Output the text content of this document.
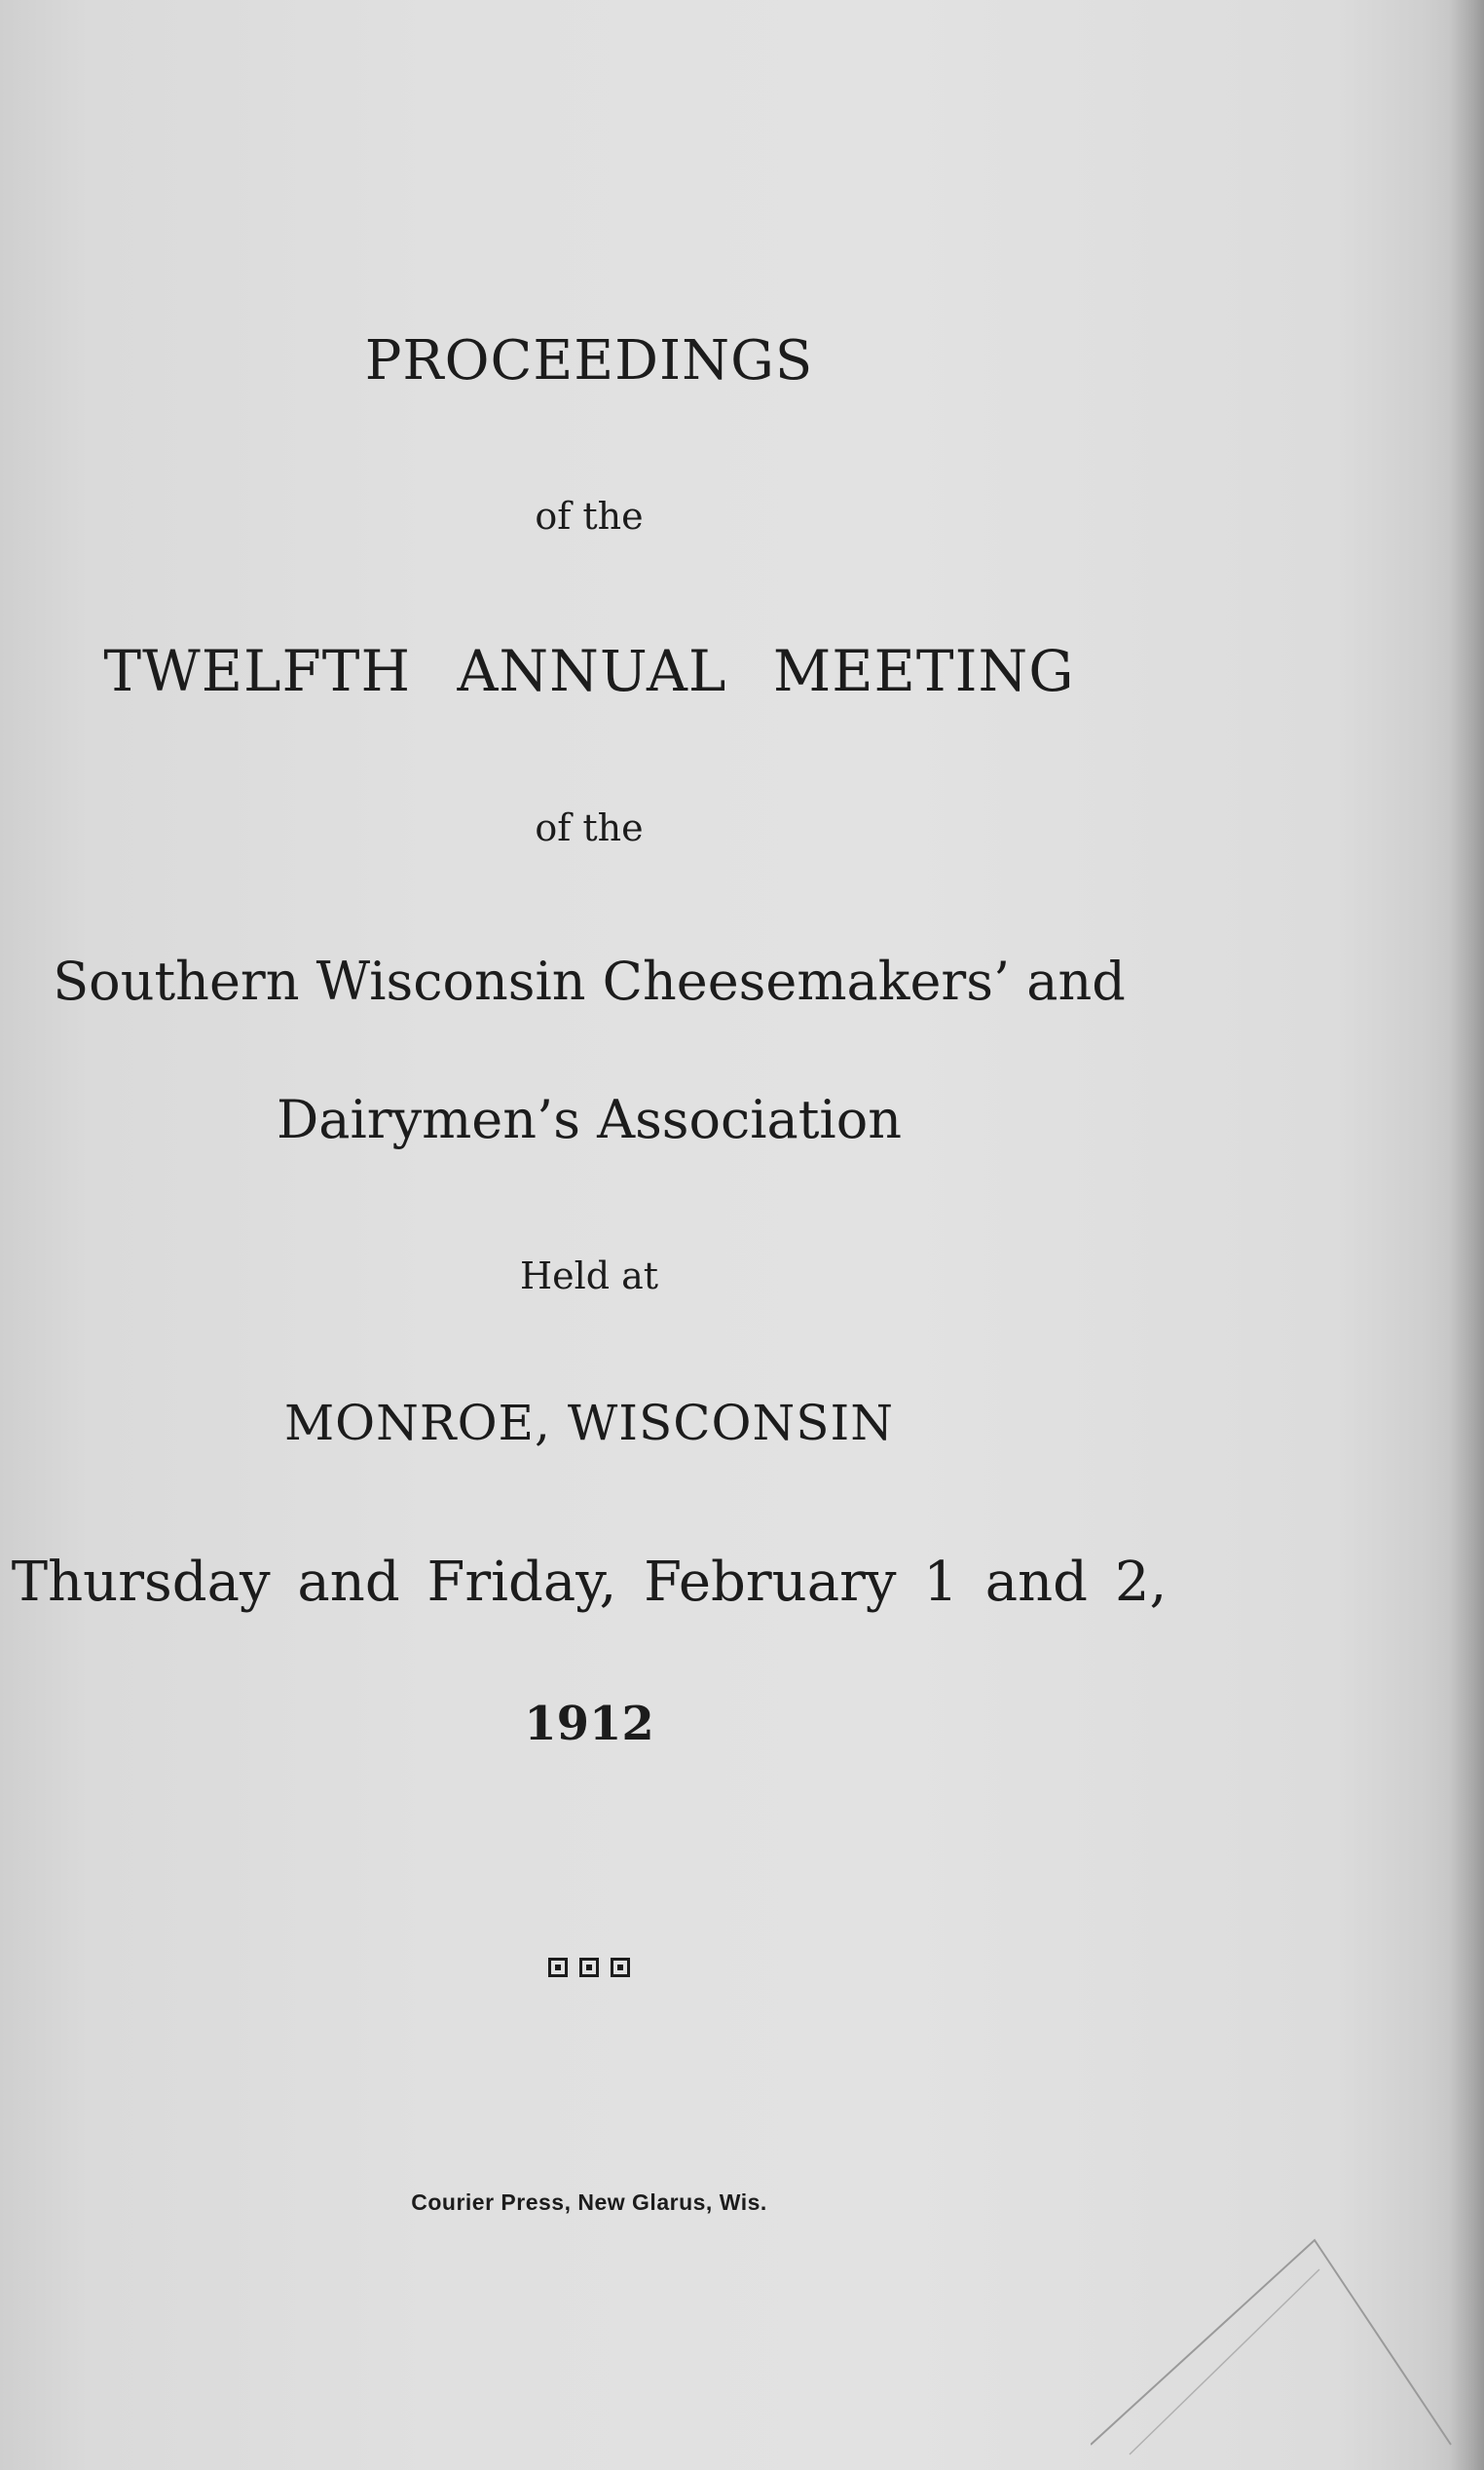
PROCEEDINGS

of the

TWELFTH ANNUAL MEETING

of the

Southern Wisconsin Cheesemakers’ and

Dairymen’s Association

Held at

MONROE, WISCONSIN

Thursday and Friday, February 1 and 2,

1912

Courier Press, New Glarus, Wis.
